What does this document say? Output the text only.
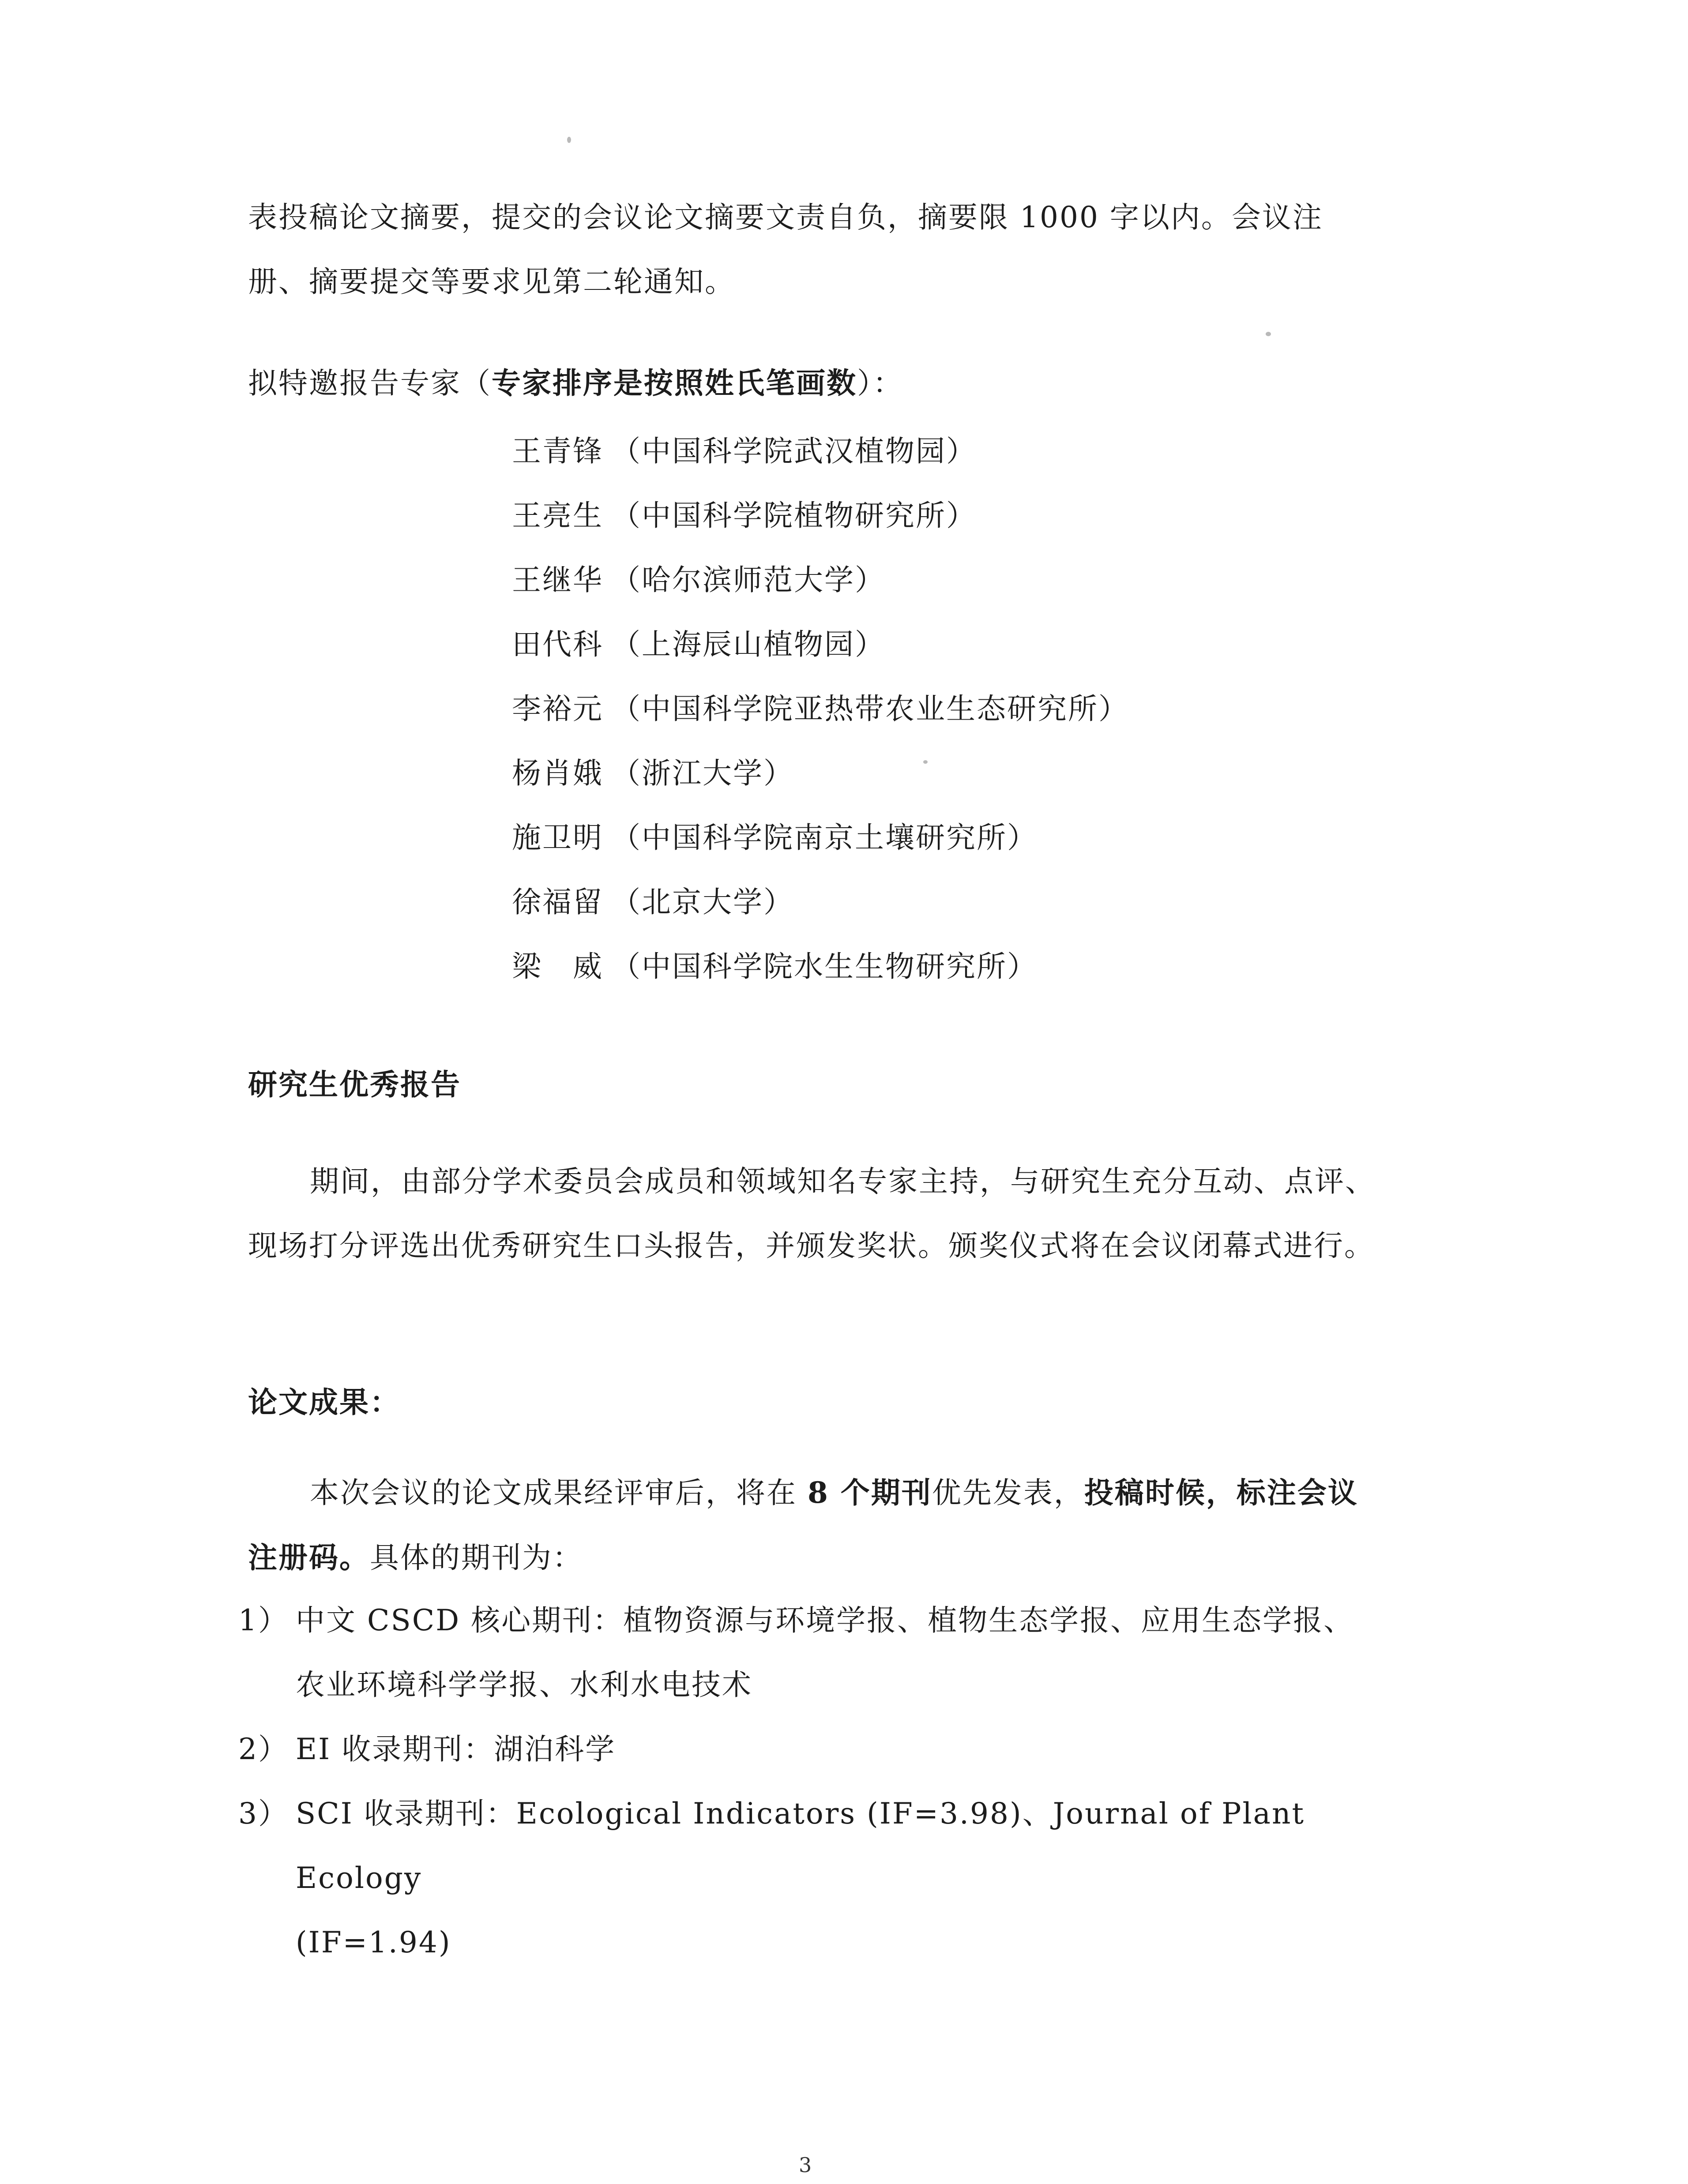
表投稿论文摘要，提交的会议论文摘要文责自负，摘要限 1000 字以内。会议注
册、摘要提交等要求见第二轮通知。
拟特邀报告专家（专家排序是按照姓氏笔画数）：
王青锋 （中国科学院武汉植物园）
王亮生 （中国科学院植物研究所）
王继华 （哈尔滨师范大学）
田代科 （上海辰山植物园）
李裕元 （中国科学院亚热带农业生态研究所）
杨肖娥 （浙江大学）
施卫明 （中国科学院南京土壤研究所）
徐福留 （北京大学）
梁　威 （中国科学院水生生物研究所）
研究生优秀报告
期间，由部分学术委员会成员和领域知名专家主持，与研究生充分互动、点评、现场打分评选出优秀研究生口头报告，并颁发奖状。颁奖仪式将在会议闭幕式进行。
论文成果：
本次会议的论文成果经评审后，将在 8 个期刊优先发表，投稿时候，标注会议注册码。具体的期刊为：
1） 中文 CSCD 核心期刊：植物资源与环境学报、植物生态学报、应用生态学报、
农业环境科学学报、水利水电技术
2） EI 收录期刊：湖泊科学
3） SCI 收录期刊：Ecological Indicators (IF=3.98)、Journal of Plant Ecology
(IF=1.94)
3
